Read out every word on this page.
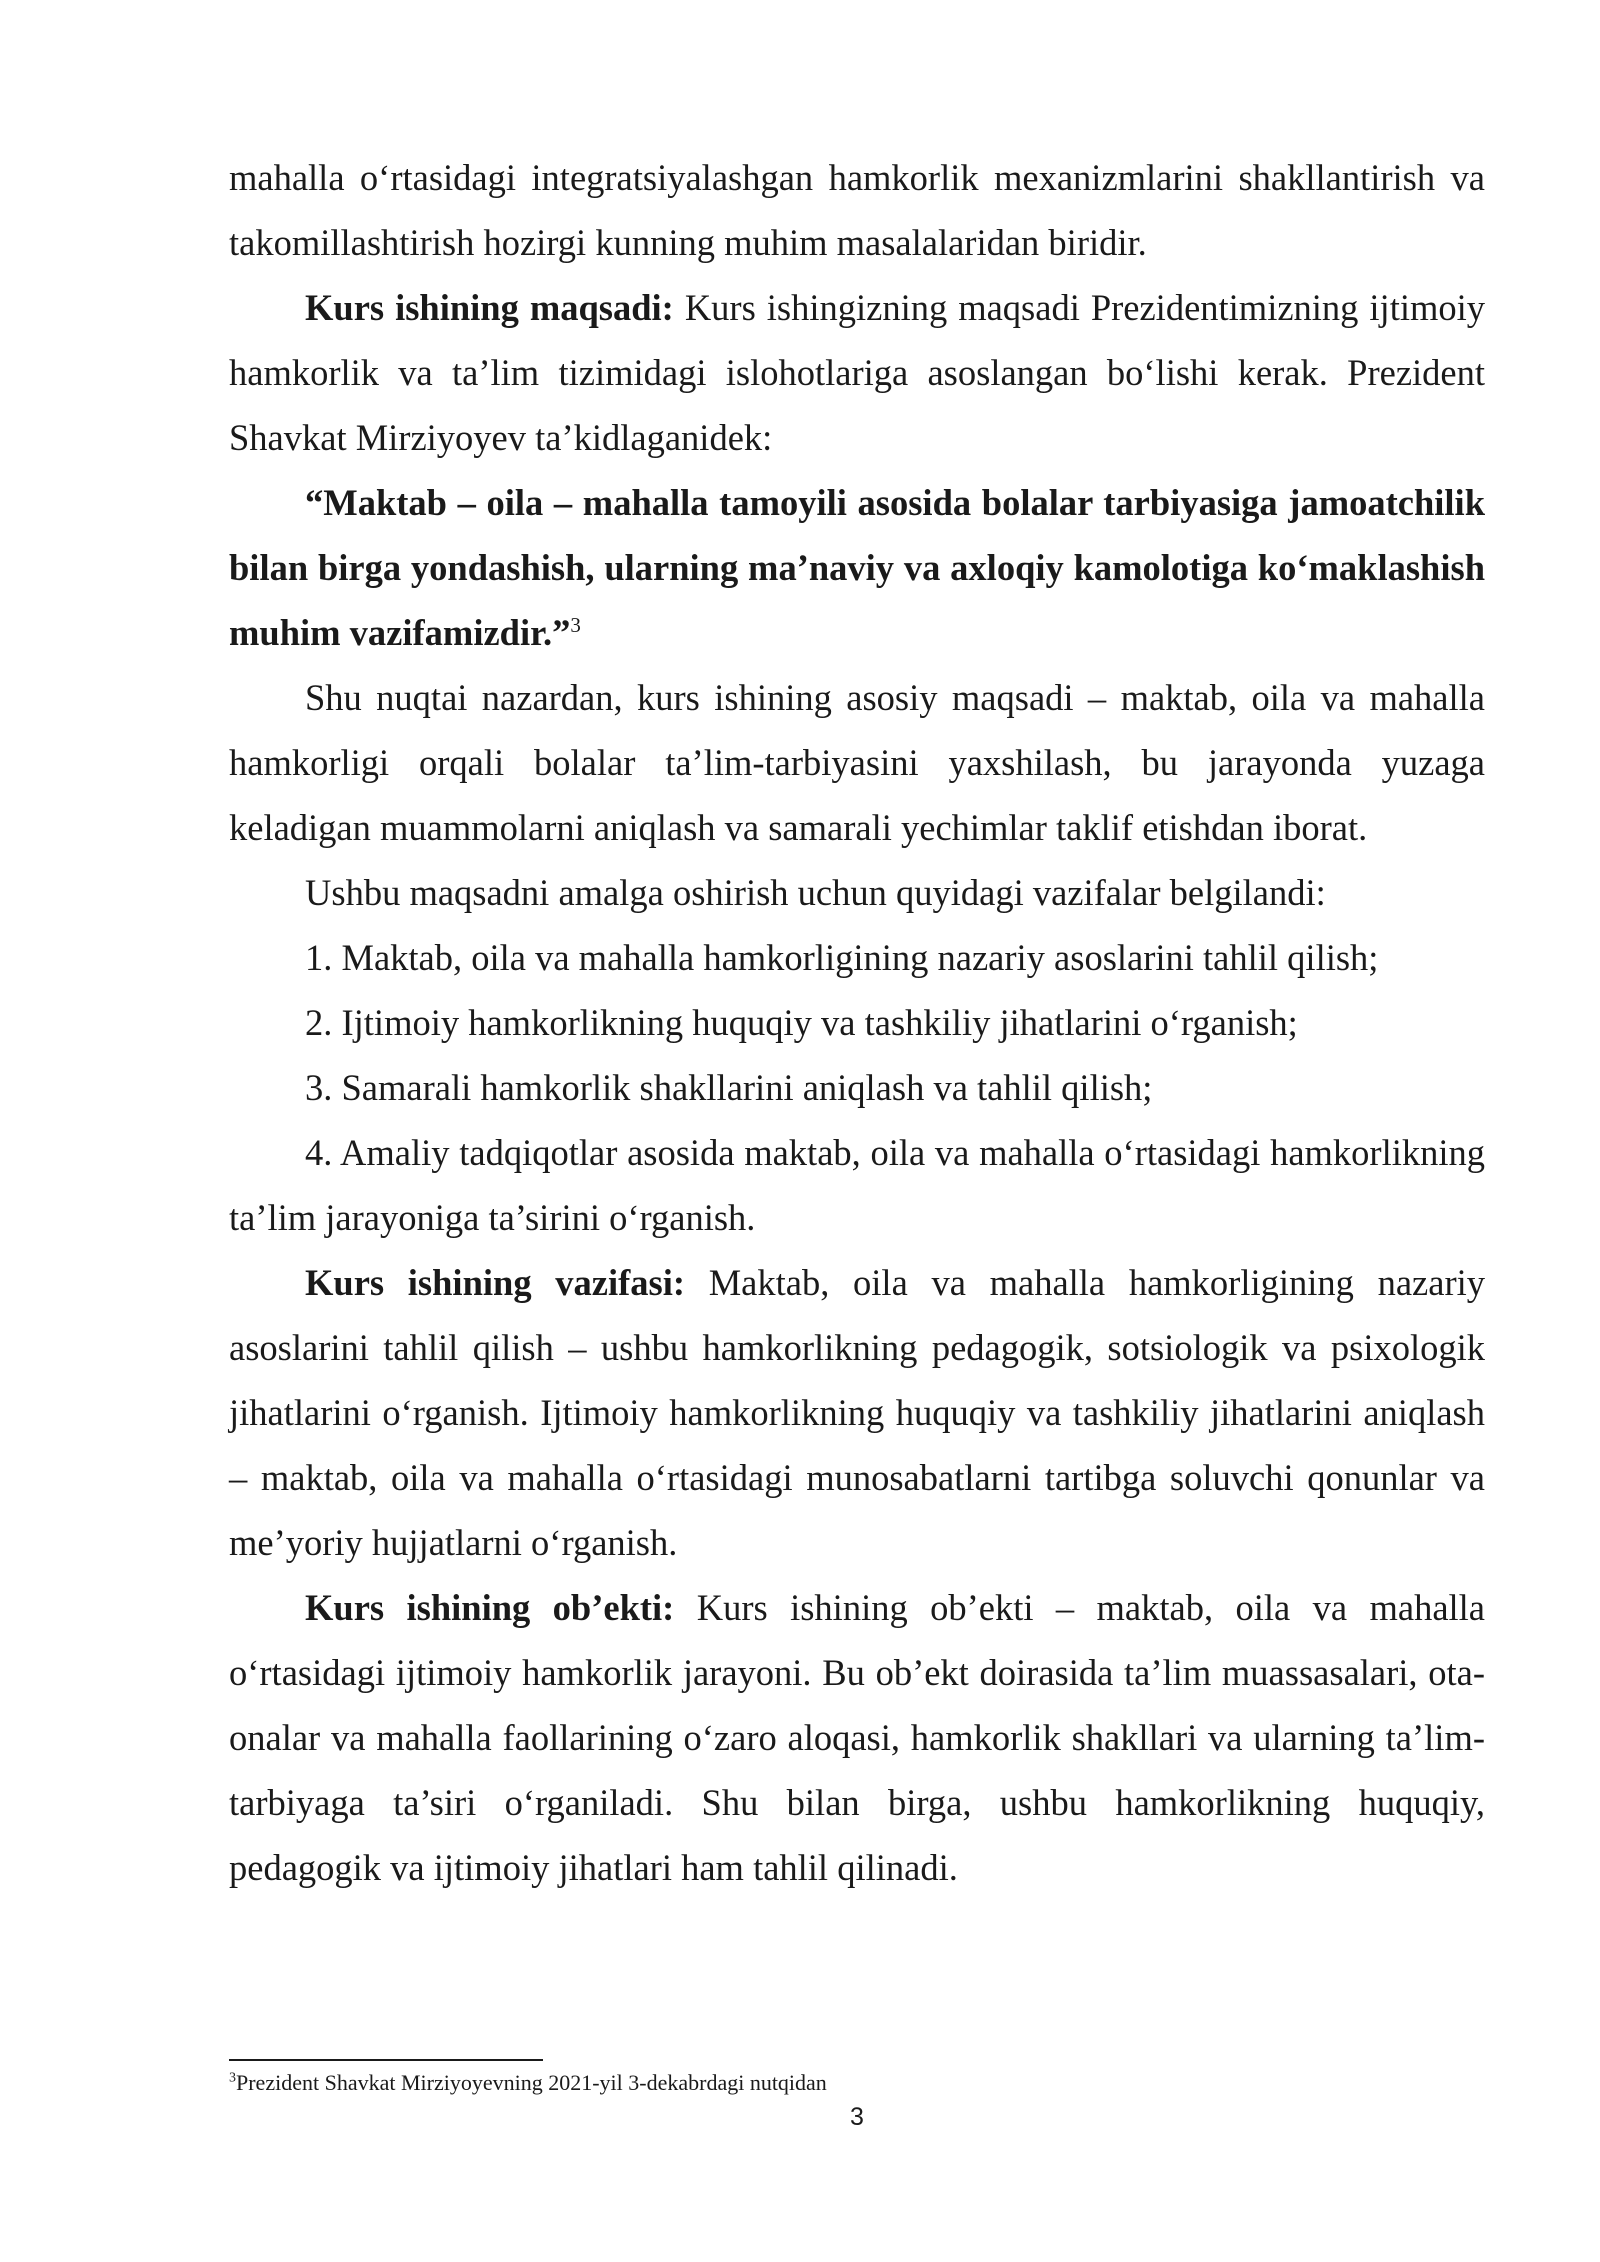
mahalla o‘rtasidagi integratsiyalashgan hamkorlik mexanizmlarini shakllantirish va takomillashtirish hozirgi kunning muhim masalalaridan biridir.

Kurs ishining maqsadi: Kurs ishingizning maqsadi Prezidentimizning ijtimoiy hamkorlik va ta’lim tizimidagi islohotlariga asoslangan bo‘lishi kerak. Prezident Shavkat Mirziyoyev ta’kidlaganidek:

“Maktab – oila – mahalla tamoyili asosida bolalar tarbiyasiga jamoatchilik bilan birga yondashish, ularning ma’naviy va axloqiy kamolotiga ko‘maklashish muhim vazifamizdir.”$^3$

Shu nuqtai nazardan, kurs ishining asosiy maqsadi – maktab, oila va mahalla hamkorligi orqali bolalar ta’lim-tarbiyasini yaxshilash, bu jarayonda yuzaga keladigan muammolarni aniqlash va samarali yechimlar taklif etishdan iborat.

Ushbu maqsadni amalga oshirish uchun quyidagi vazifalar belgilandi:

1. Maktab, oila va mahalla hamkorligining nazariy asoslarini tahlil qilish;

2. Ijtimoiy hamkorlikning huquqiy va tashkiliy jihatlarini o‘rganish;

3. Samarali hamkorlik shakllarini aniqlash va tahlil qilish;

4. Amaliy tadqiqotlar asosida maktab, oila va mahalla o‘rtasidagi hamkorlikning ta’lim jarayoniga ta’sirini o‘rganish.

Kurs ishining vazifasi: Maktab, oila va mahalla hamkorligining nazariy asoslarini tahlil qilish – ushbu hamkorlikning pedagogik, sotsiologik va psixologik jihatlarini o‘rganish. Ijtimoiy hamkorlikning huquqiy va tashkiliy jihatlarini aniqlash – maktab, oila va mahalla o‘rtasidagi munosabatlarni tartibga soluvchi qonunlar va me’yoriy hujjatlarni o‘rganish.

Kurs ishining ob’ekti: Kurs ishining ob’ekti – maktab, oila va mahalla o‘rtasidagi ijtimoiy hamkorlik jarayoni. Bu ob’ekt doirasida ta’lim muassasalari, ota-onalar va mahalla faollarining o‘zaro aloqasi, hamkorlik shakllari va ularning ta’lim-tarbiyaga ta’siri o‘rganiladi. Shu bilan birga, ushbu hamkorlikning huquqiy, pedagogik va ijtimoiy jihatlari ham tahlil qilinadi.

$^3$Prezident Shavkat Mirziyoyevning 2021-yil 3-dekabrdagi nutqidan
3
